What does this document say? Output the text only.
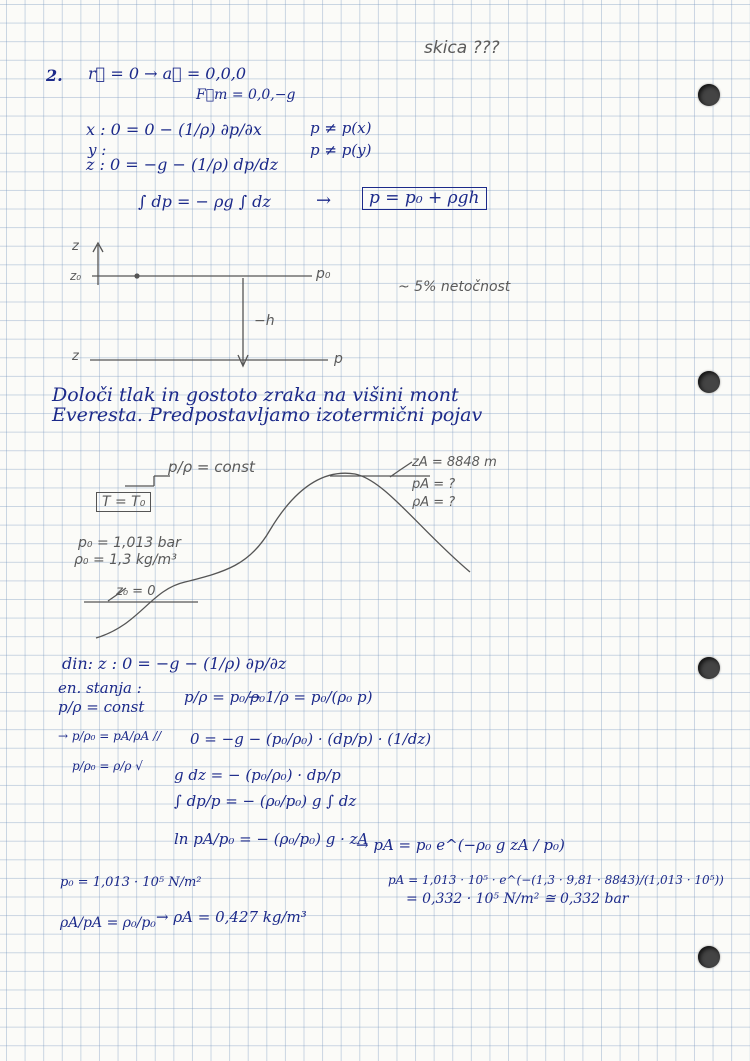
skica ???
2. r⃗ = 0 → a⃗ = 0,0,0
F⃗m = 0,0,−g
x : 0 = 0 − (1/ρ) ∂p/∂x	p ≠ p(x)
y :	p ≠ p(y)
z : 0 = −g − (1/ρ) dp/dz
∫ dp = − ρg ∫ dz	→	p = p₀ + ρgh
z
z₀	p₀
−h
z	p
~ 5% netočnost
Določi tlak in gostoto zraka na višini mont
Everesta. Predpostavljamo izotermični pojav
p/ρ = const
T = T₀
zA = 8848 m
pA = ?
ρA = ?
p₀ = 1,013 bar
ρ₀ = 1,3 kg/m³
z₀ = 0
din: z : 0 = −g − (1/ρ) ∂p/∂z
en. stanja :
p/ρ = const
p/ρ = p₀/ρ₀
→ 1/ρ = p₀/(ρ₀ p)
→ p/ρ₀ = pA/ρA //
p/ρ₀ = ρ/ρ √
0 = −g − (p₀/ρ₀) · (dp/p) · (1/dz)
g dz = − (p₀/ρ₀) · dp/p
∫ dp/p = − (ρ₀/p₀) g ∫ dz
ln pA/p₀ = − (ρ₀/p₀) g · zA
→ pA = p₀ e^(−ρ₀ g zA / p₀)
p₀ = 1,013 · 10⁵ N/m²	pA = 1,013 · 10⁵ · e^(−(1,3 · 9,81 · 8843)/(1,013 · 10⁵))
= 0,332 · 10⁵ N/m² ≅ 0,332 bar
ρA/pA = ρ₀/p₀ → ρA = 0,427 kg/m³
